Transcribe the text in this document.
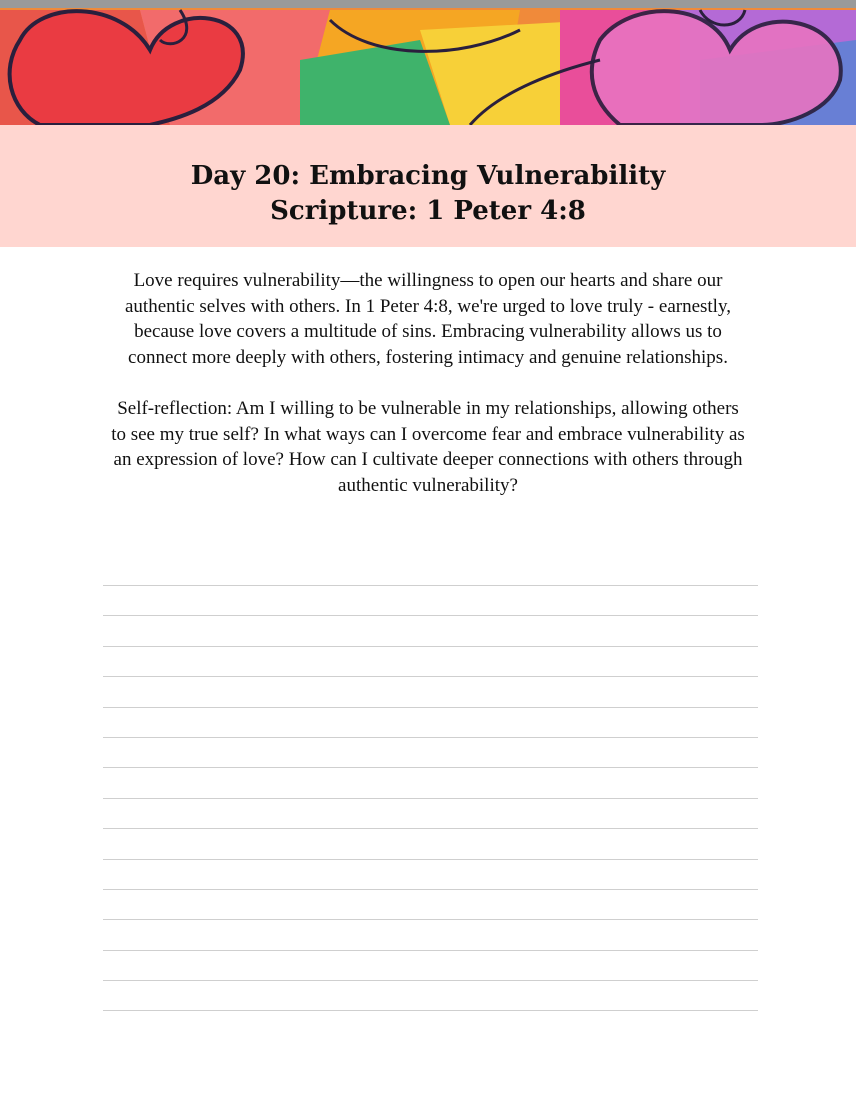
Day 20: Embracing Vulnerability
Scripture: 1 Peter 4:8
Love requires vulnerability—the willingness to open our hearts and share our
authentic selves with others. In 1 Peter 4:8, we're urged to love truly - earnestly,
because love covers a multitude of sins. Embracing vulnerability allows us to
connect more deeply with others, fostering intimacy and genuine relationships.
Self-reflection: Am I willing to be vulnerable in my relationships, allowing others
to see my true self? In what ways can I overcome fear and embrace vulnerability as
an expression of love? How can I cultivate deeper connections with others through
authentic vulnerability?
